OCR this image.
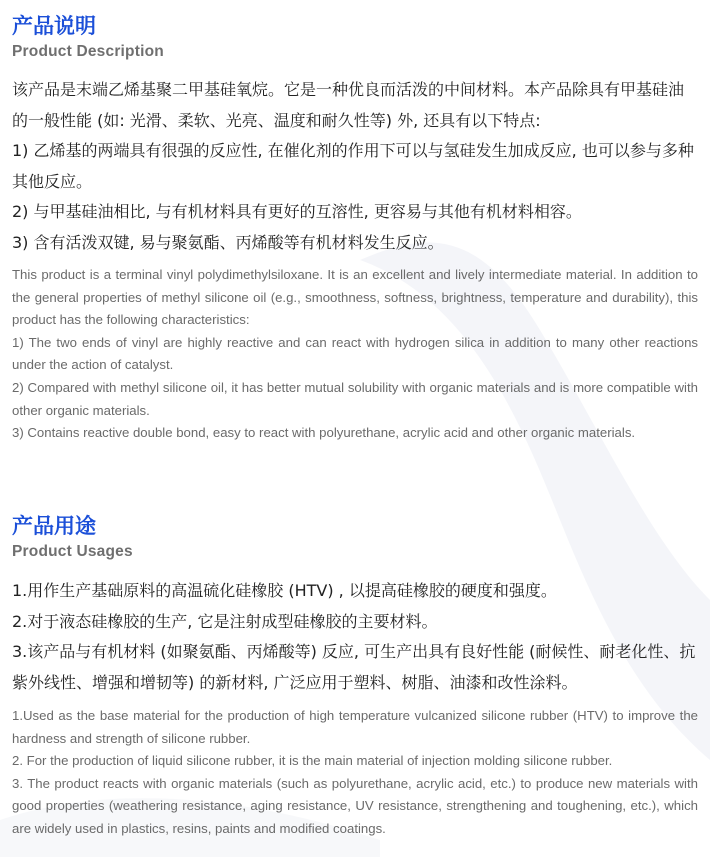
产品说明
Product Description

该产品是末端乙烯基聚二甲基硅氧烷。它是一种优良而活泼的中间材料。本产品除具有甲基硅油的一般性能 (如: 光滑、柔软、光亮、温度和耐久性等) 外, 还具有以下特点:

1) 乙烯基的两端具有很强的反应性, 在催化剂的作用下可以与氢硅发生加成反应, 也可以参与多种其他反应。

2) 与甲基硅油相比, 与有机材料具有更好的互溶性, 更容易与其他有机材料相容。

3) 含有活泼双键, 易与聚氨酯、丙烯酸等有机材料发生反应。

This product is a terminal vinyl polydimethylsiloxane. It is an excellent and lively intermediate material. In addition to the general properties of methyl silicone oil (e.g., smoothness, softness, brightness, temperature and durability), this product has the following characteristics:

1) The two ends of vinyl are highly reactive and can react with hydrogen silica in addition to many other reactions under the action of catalyst.

2) Compared with methyl silicone oil, it has better mutual solubility with organic materials and is more compatible with other organic materials.

3) Contains reactive double bond, easy to react with polyurethane, acrylic acid and other organic materials.

产品用途
Product Usages

1.用作生产基础原料的高温硫化硅橡胶 (HTV) , 以提高硅橡胶的硬度和强度。

2.对于液态硅橡胶的生产, 它是注射成型硅橡胶的主要材料。

3.该产品与有机材料 (如聚氨酯、丙烯酸等) 反应, 可生产出具有良好性能 (耐候性、耐老化性、抗紫外线性、增强和增韧等) 的新材料, 广泛应用于塑料、树脂、油漆和改性涂料。

1.Used as the base material for the production of high temperature vulcanized silicone rubber (HTV) to improve the hardness and strength of silicone rubber.

2. For the production of liquid silicone rubber, it is the main material of injection molding silicone rubber.

3. The product reacts with organic materials (such as polyurethane, acrylic acid, etc.) to produce new materials with good properties (weathering resistance, aging resistance, UV resistance, strengthening and toughening, etc.), which are widely used in plastics, resins, paints and modified coatings.
